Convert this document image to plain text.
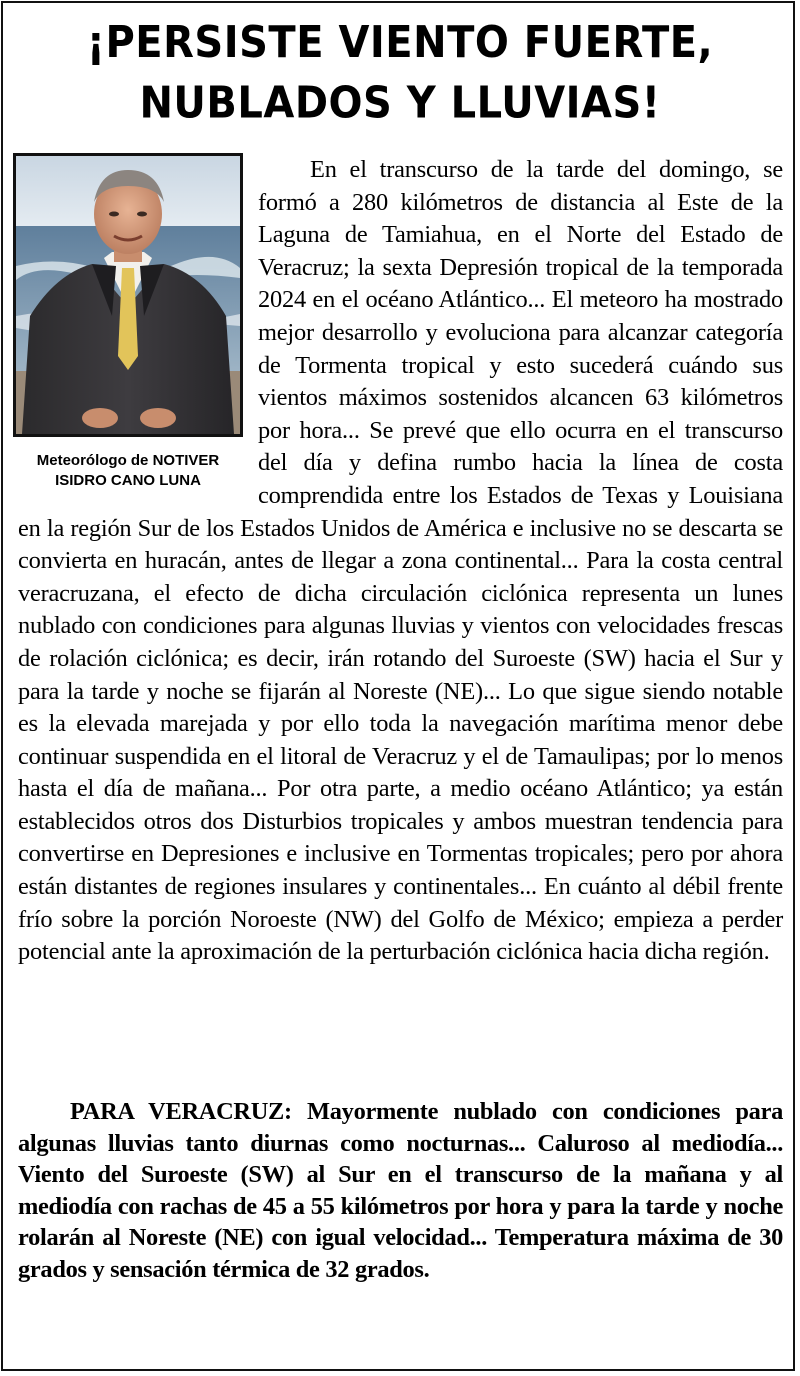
¡PERSISTE VIENTO FUERTE,
NUBLADOS Y LLUVIAS!
Meteorólogo de NOTIVER
ISIDRO CANO LUNA

En el transcurso de la tarde del domingo, se formó a 280 kilómetros de distancia al Este de la Laguna de Tamiahua, en el Norte del Estado de Veracruz; la sexta Depresión tropical de la temporada 2024 en el océano Atlántico... El meteoro ha mostrado mejor desarrollo y evoluciona para alcanzar categoría de Tormenta tropical y esto sucederá cuándo sus vientos máximos sostenidos alcancen 63 kilómetros por hora... Se prevé que ello ocurra en el transcurso del día y defina rumbo hacia la línea de costa comprendida entre los Estados de Texas y Louisiana en la región Sur de los Estados Unidos de América e inclusive no se descarta se convierta en huracán, antes de llegar a zona continental... Para la costa central veracruzana, el efecto de dicha circulación ciclónica representa un lunes nublado con condiciones para algunas lluvias y vientos con velocidades frescas de rolación ciclónica; es decir, irán rotando del Suroeste (SW) hacia el Sur y para la tarde y noche se fijarán al Noreste (NE)... Lo que sigue siendo notable es la elevada marejada y por ello toda la navegación marítima menor debe continuar suspendida en el litoral de Veracruz y el de Tamaulipas; por lo menos hasta el día de mañana... Por otra parte, a medio océano Atlántico; ya están establecidos otros dos Disturbios tropicales y ambos muestran tendencia para convertirse en Depresiones e inclusive en Tormentas tropicales; pero por ahora están distantes de regiones insulares y continentales... En cuánto al débil frente frío sobre la porción Noroeste (NW) del Golfo de México; empieza a perder potencial ante la aproximación de la perturbación ciclónica hacia dicha región.

PARA VERACRUZ: Mayormente nublado con condiciones para algunas lluvias tanto diurnas como nocturnas... Caluroso al mediodía... Viento del Suroeste (SW) al Sur en el transcurso de la mañana y al mediodía con rachas de 45 a 55 kilómetros por hora y para la tarde y noche rolarán al Noreste (NE) con igual velocidad... Temperatura máxima de 30 grados y sensación térmica de 32 grados.
